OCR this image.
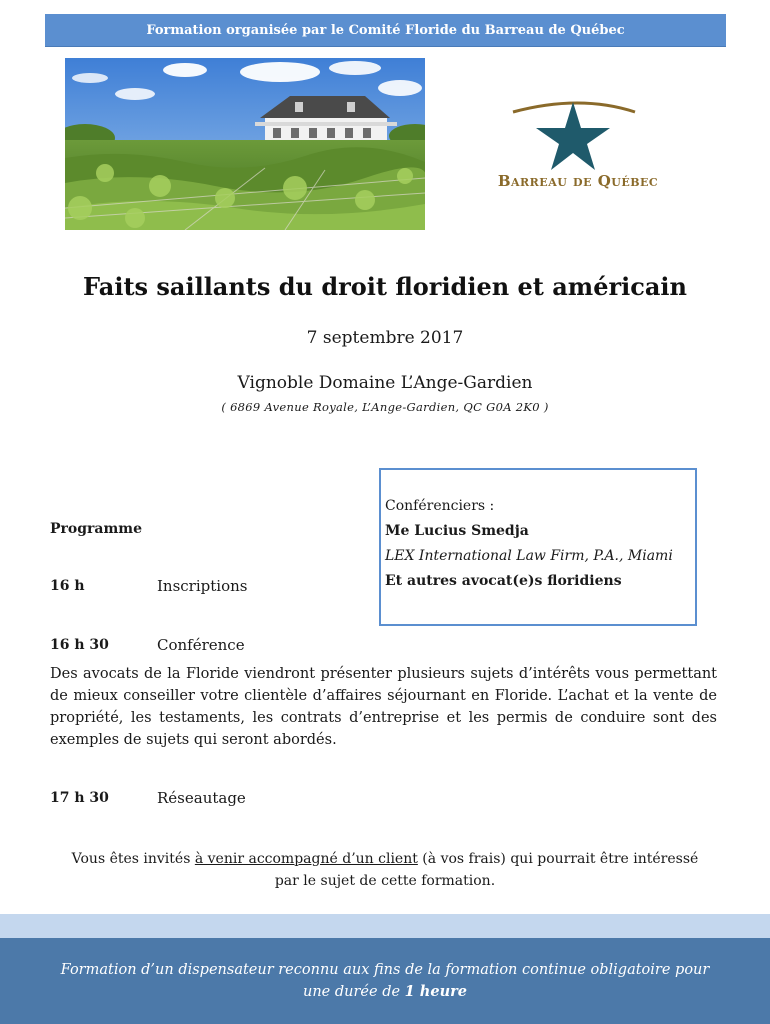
Formation organisée par le Comité Floride du Barreau de Québec
Barreau de Québec
Faits saillants du droit floridien et américain
7 septembre 2017
Vignoble Domaine L’Ange-Gardien
( 6869 Avenue Royale, L’Ange-Gardien, QC G0A 2K0 )
Conférenciers :
Me Lucius Smedja
LEX International Law Firm, P.A., Miami
Et autres avocat(e)s floridiens
Programme
16 h	Inscriptions
16 h 30	Conférence
Des avocats de la Floride viendront présenter plusieurs sujets d’intérêts vous permettant de mieux conseiller votre clientèle d’affaires séjournant en Floride. L’achat et la vente de propriété, les testaments, les contrats d’entreprise et les permis de conduire sont des exemples de sujets qui seront abordés.
17 h 30	Réseautage
Vous êtes invités à venir accompagné d’un client (à vos frais) qui pourrait être intéressé par le sujet de cette formation.
Formation d’un dispensateur reconnu aux fins de la formation continue obligatoire pour une durée de 1 heure
